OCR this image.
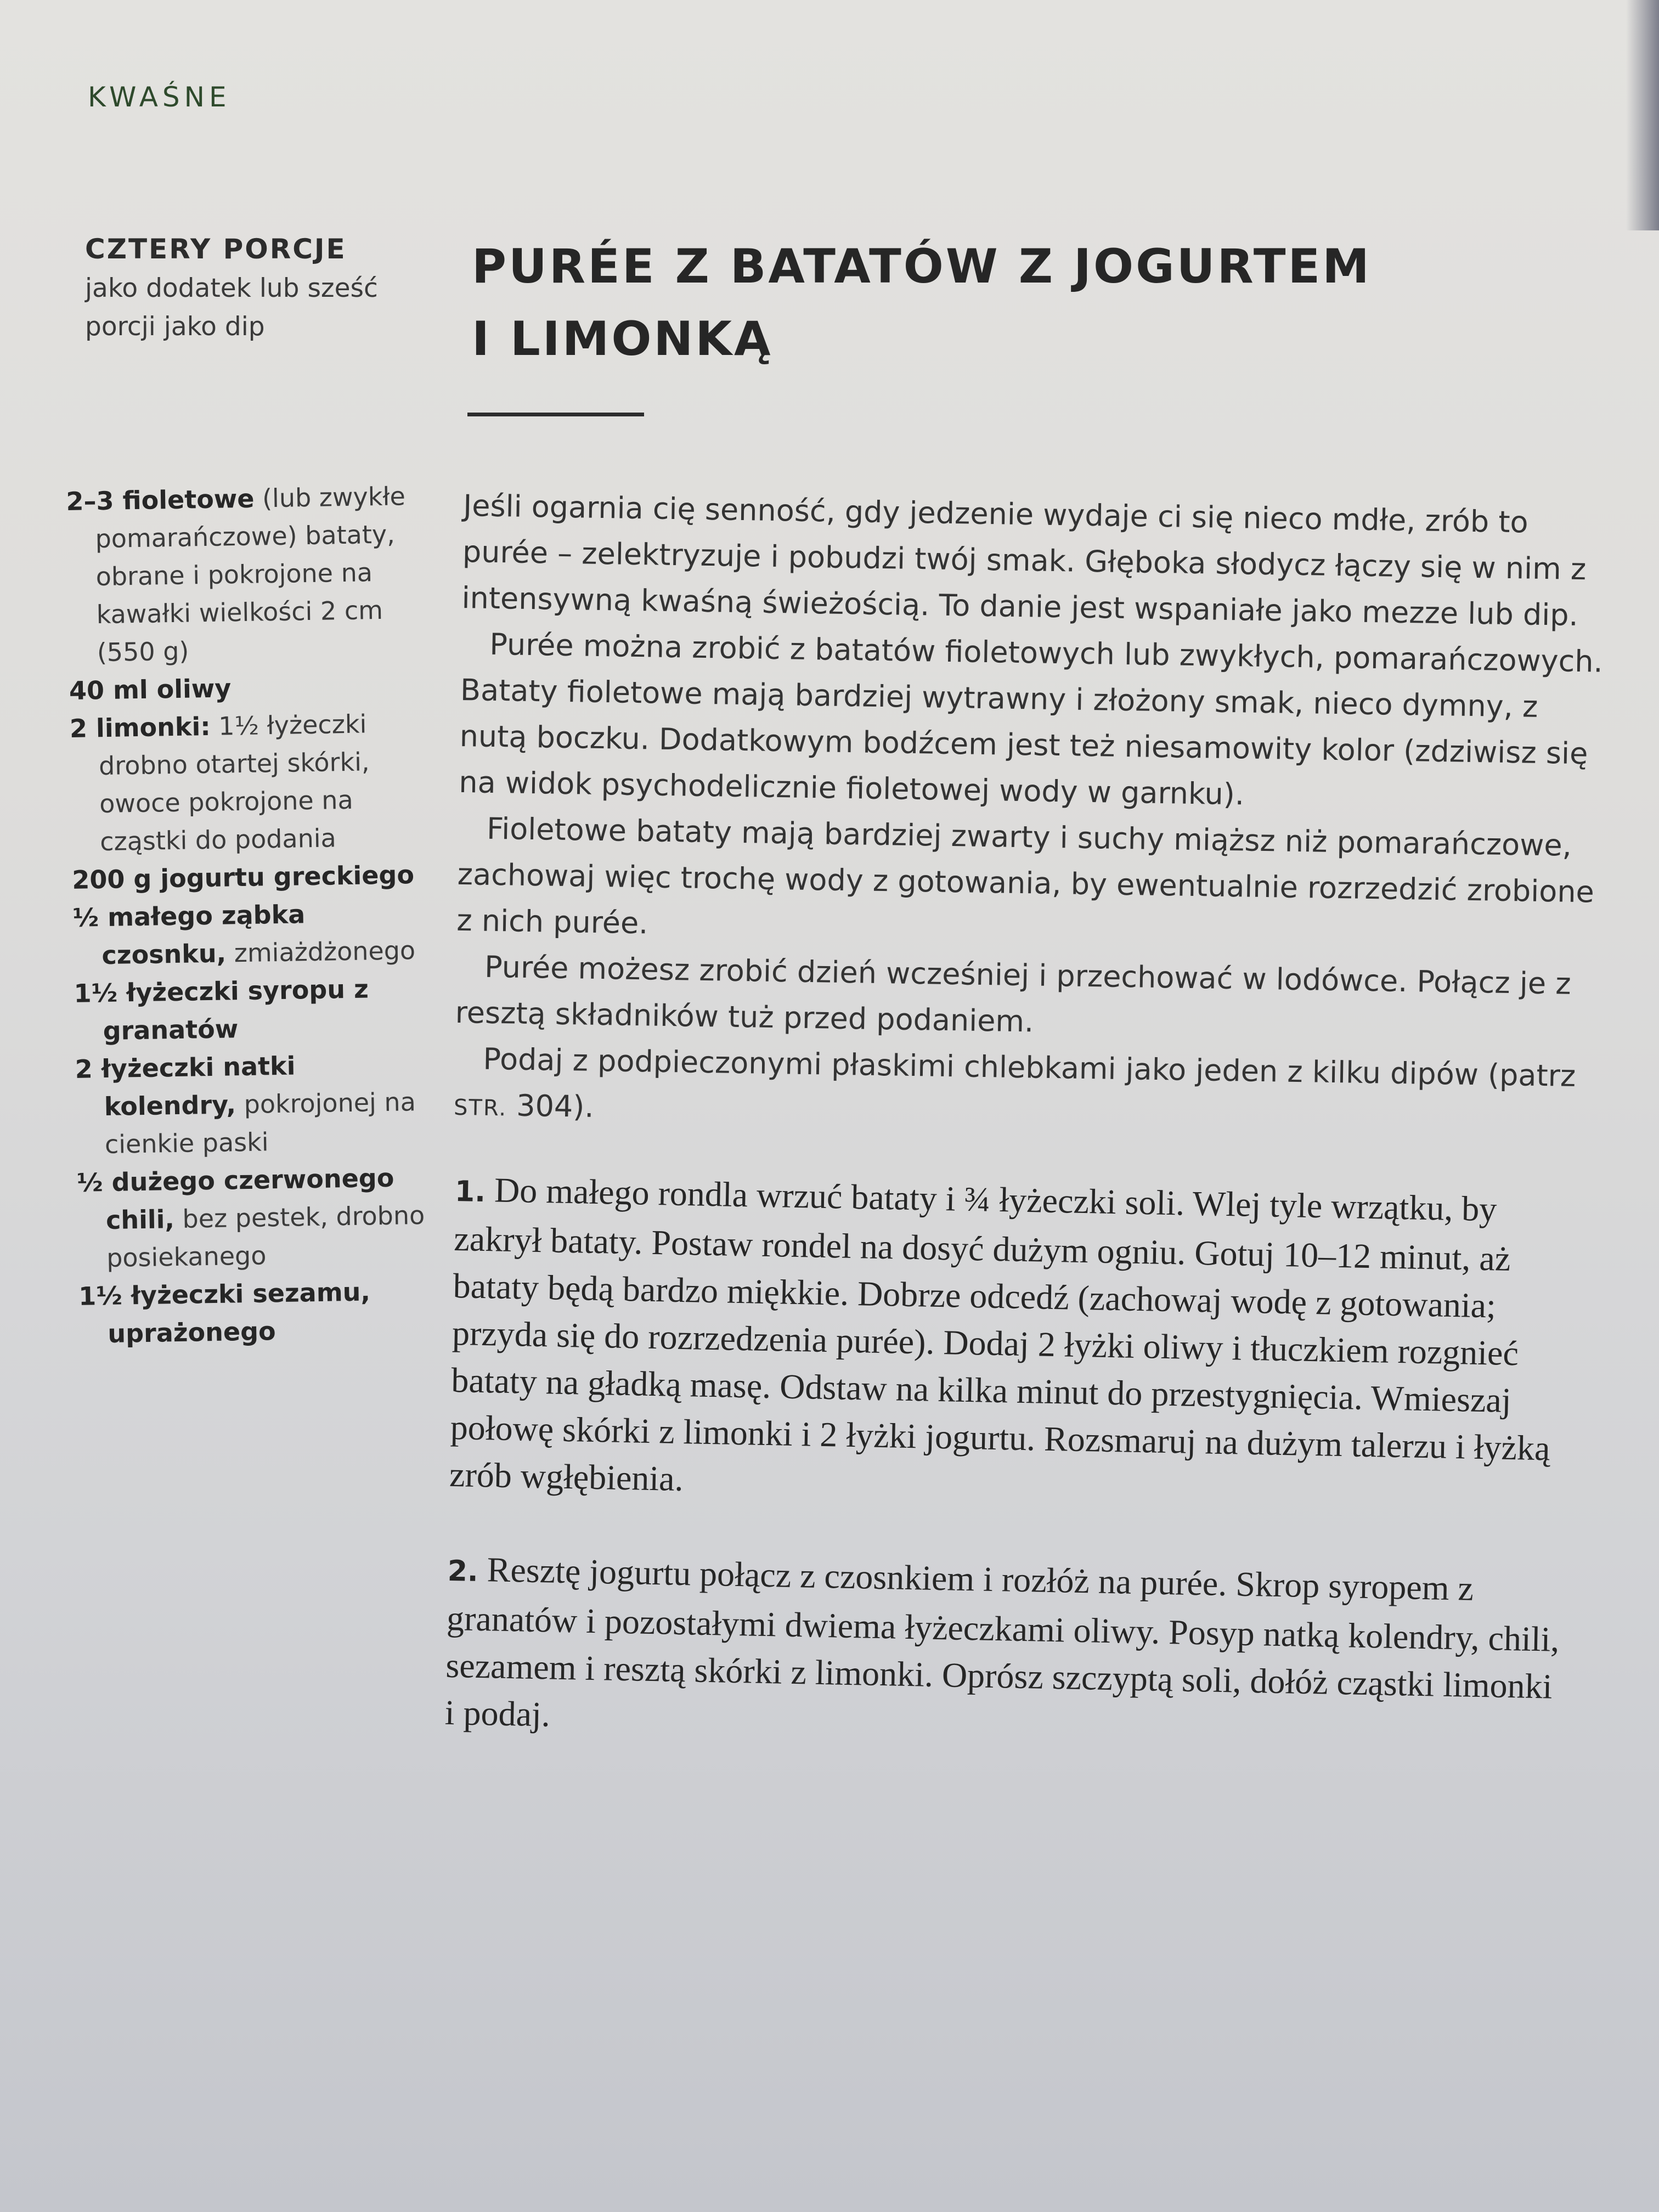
KWAŚNE
CZTERY PORCJE
jako dodatek lub sześć
porcji jako dip
PURÉE Z BATATÓW Z JOGURTEM
I LIMONKĄ

2–3 fioletowe (lub zwykłe pomarańczowe) bataty, obrane i pokrojone na kawałki wielkości 2 cm (550 g)

40 ml oliwy

2 limonki: 1½ łyżeczki drobno otartej skórki, owoce pokrojone na cząstki do podania

200 g jogurtu greckiego

½ małego ząbka czosnku, zmiażdżonego

1½ łyżeczki syropu z granatów

2 łyżeczki natki kolendry, pokrojonej na cienkie paski

½ dużego czerwonego chili, bez pestek, drobno posiekanego

1½ łyżeczki sezamu, uprażonego

Jeśli ogarnia cię senność, gdy jedzenie wydaje ci się nieco mdłe, zrób to purée – zelektryzuje i pobudzi twój smak. Głęboka słodycz łączy się w nim z intensywną kwaśną świeżością. To danie jest wspaniałe jako mezze lub dip.

Purée można zrobić z batatów fioletowych lub zwykłych, pomarańczowych. Bataty fioletowe mają bardziej wytrawny i złożony smak, nieco dymny, z nutą boczku. Dodatkowym bodźcem jest też niesamowity kolor (zdziwisz się na widok psychodelicznie fioletowej wody w garnku).

Fioletowe bataty mają bardziej zwarty i suchy miąższ niż pomarańczowe, zachowaj więc trochę wody z gotowania, by ewentualnie rozrzedzić zrobione z nich purée.

Purée możesz zrobić dzień wcześniej i przechować w lodówce. Połącz je z resztą składników tuż przed podaniem.

Podaj z podpieczonymi płaskimi chlebkami jako jeden z kilku dipów (patrz STR. 304).

1. Do małego rondla wrzuć bataty i ¾ łyżeczki soli. Wlej tyle wrzątku, by zakrył bataty. Postaw rondel na dosyć dużym ogniu. Gotuj 10–12 minut, aż bataty będą bardzo miękkie. Dobrze odcedź (zachowaj wodę z gotowania; przyda się do rozrzedzenia purée). Dodaj 2 łyżki oliwy i tłuczkiem rozgnieć bataty na gładką masę. Odstaw na kilka minut do przestygnięcia. Wmieszaj połowę skórki z limonki i 2 łyżki jogurtu. Rozsmaruj na dużym talerzu i łyżką zrób wgłębienia.

2. Resztę jogurtu połącz z czosnkiem i rozłóż na purée. Skrop syropem z granatów i pozostałymi dwiema łyżeczkami oliwy. Posyp natką kolendry, chili, sezamem i resztą skórki z limonki. Oprósz szczyptą soli, dołóż cząstki limonki i podaj.
